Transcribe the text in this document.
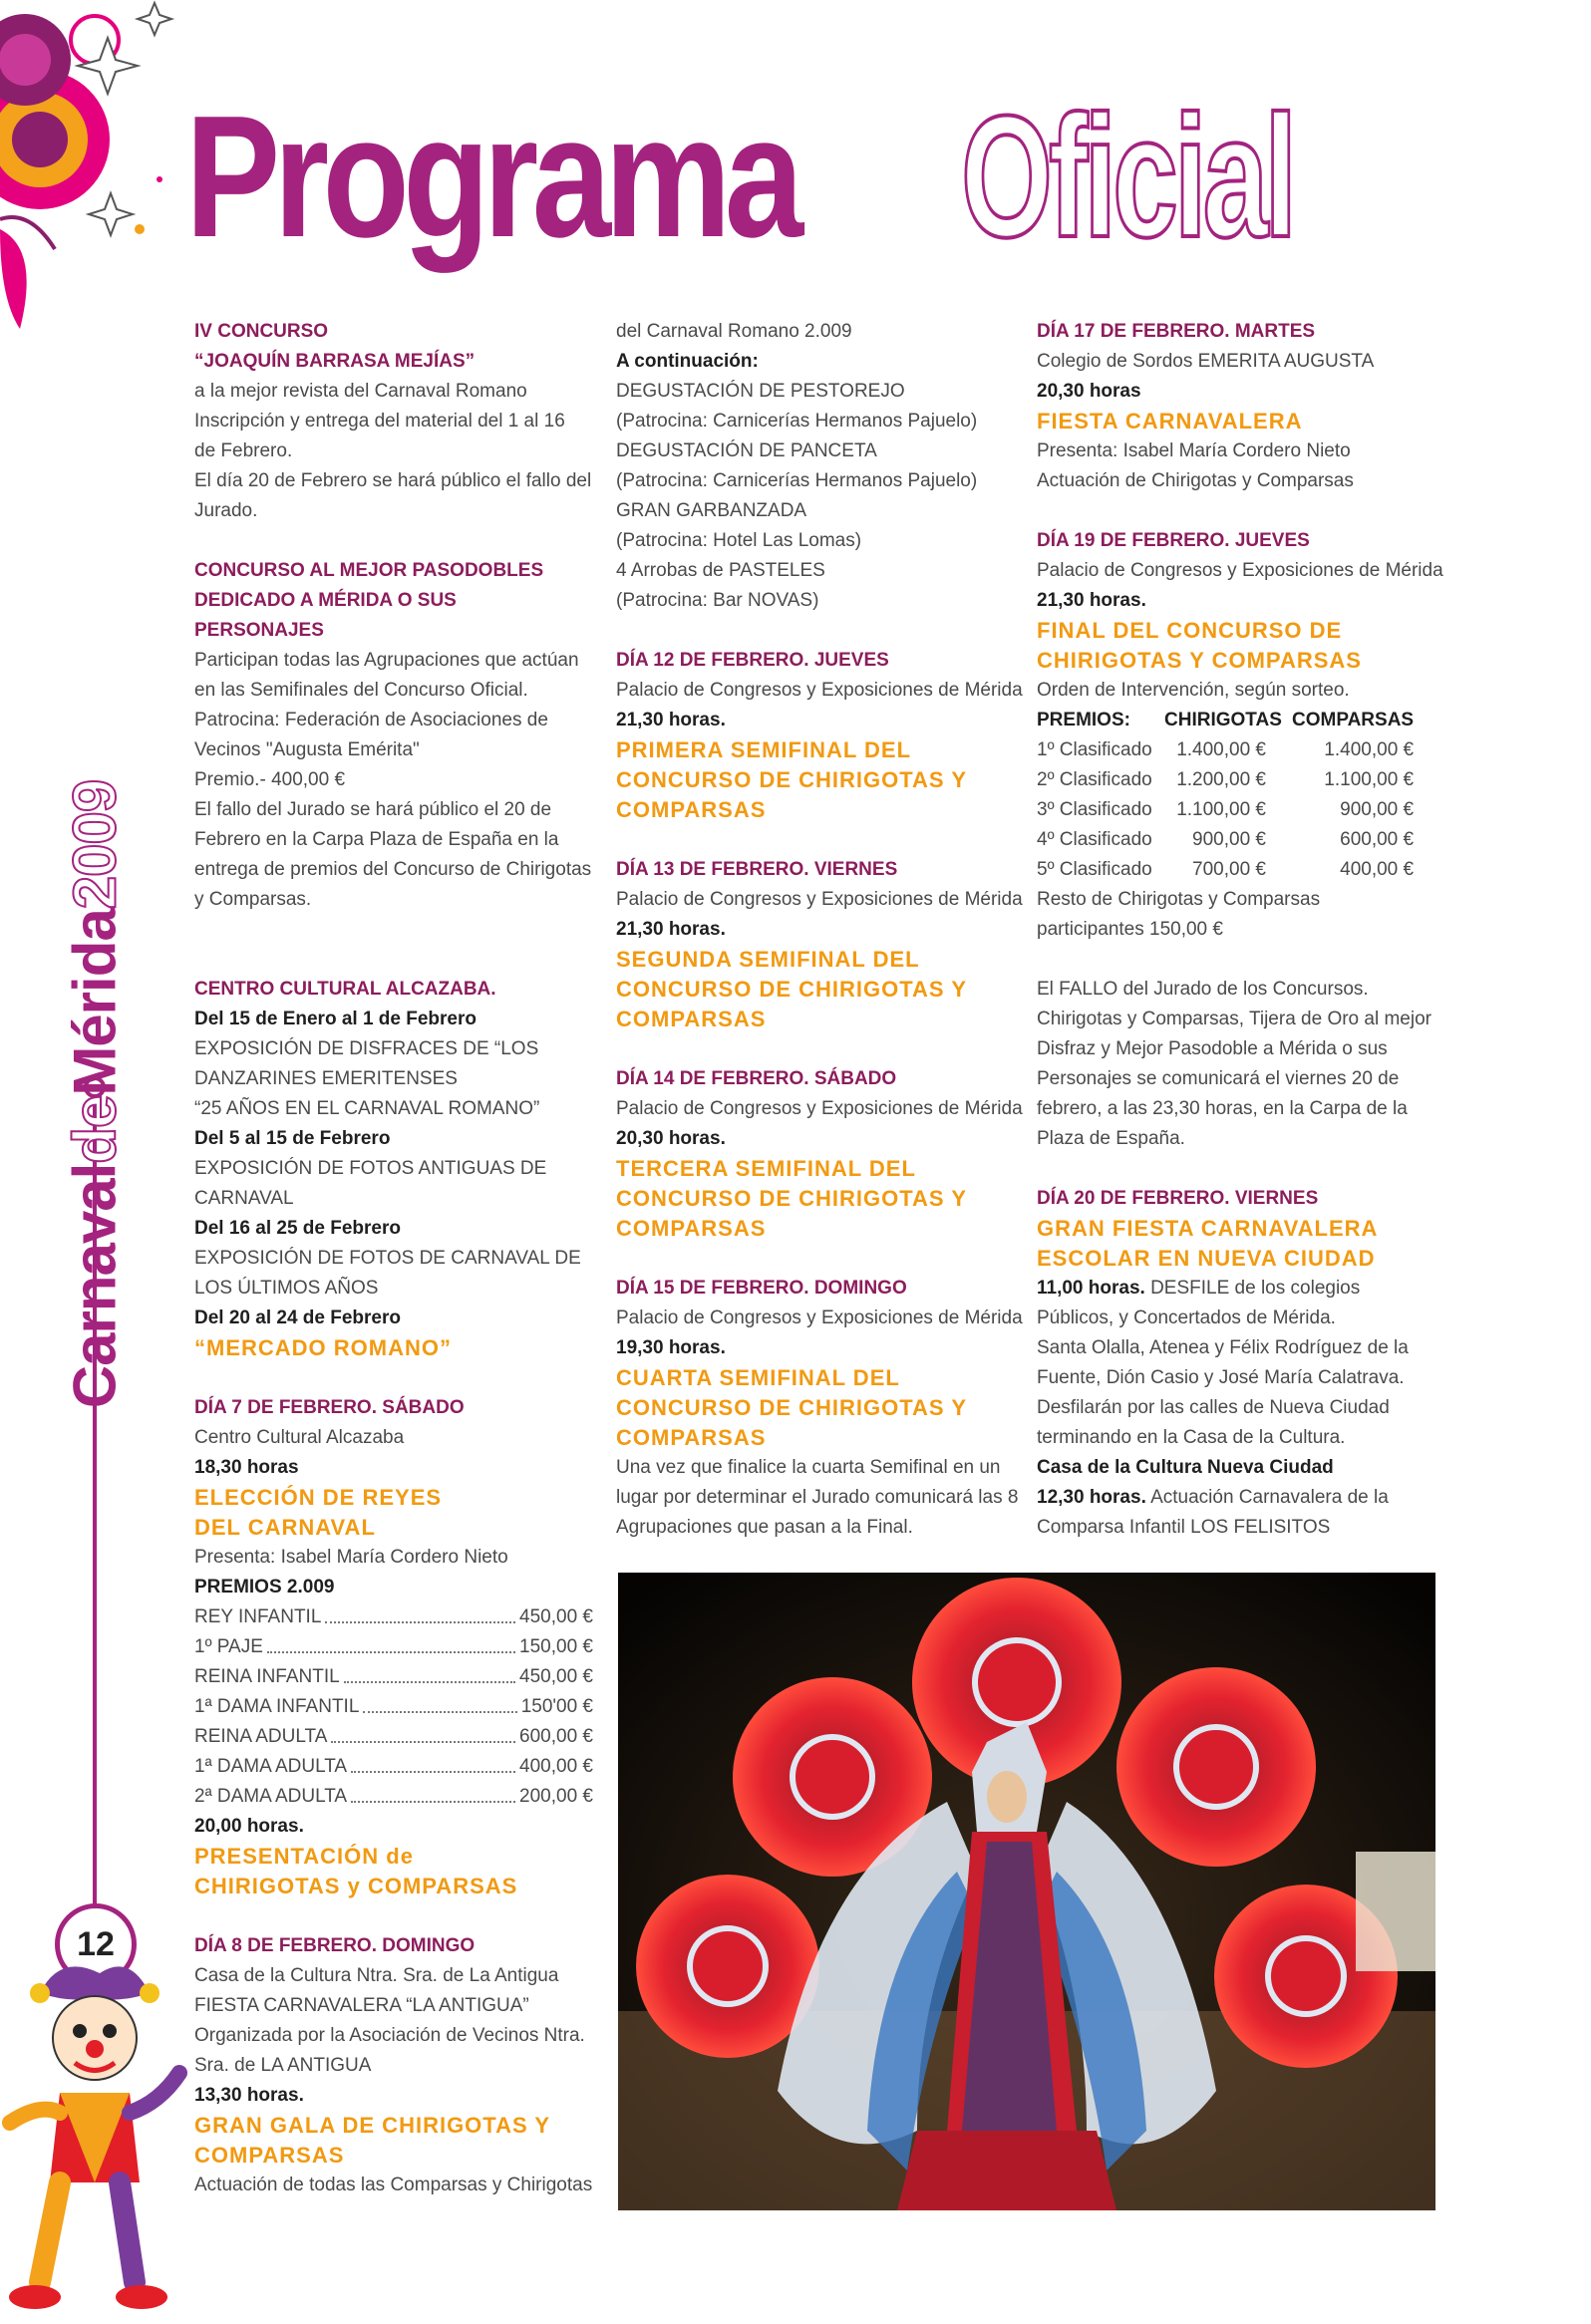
CarnavaldeMérida2009
12
Programa Oficial
IV CONCURSO
“JOAQUÍN BARRASA MEJÍAS”
a la mejor revista del Carnaval Romano
Inscripción y entrega del material del 1 al 16
de Febrero.
El día 20 de Febrero se hará público el fallo del
Jurado.
CONCURSO AL MEJOR PASODOBLES
DEDICADO A MÉRIDA O SUS
PERSONAJES
Participan todas las Agrupaciones que actúan
en las Semifinales del Concurso Oficial.
Patrocina: Federación de Asociaciones de
Vecinos "Augusta Emérita"
Premio.- 400,00 €
El fallo del Jurado se hará público el 20 de
Febrero en la Carpa Plaza de España en la
entrega de premios del Concurso de Chirigotas
y Comparsas.
CENTRO CULTURAL ALCAZABA.
Del 15 de Enero al 1 de Febrero
EXPOSICIÓN DE DISFRACES DE “LOS
DANZARINES EMERITENSES
“25 AÑOS EN EL CARNAVAL ROMANO”
Del 5 al 15 de Febrero
EXPOSICIÓN DE FOTOS ANTIGUAS DE
CARNAVAL
Del 16 al 25 de Febrero
EXPOSICIÓN DE FOTOS DE CARNAVAL DE
LOS ÚLTIMOS AÑOS
Del 20 al 24 de Febrero
“MERCADO ROMANO”
DÍA 7 DE FEBRERO. SÁBADO
Centro Cultural Alcazaba
18,30 horas
ELECCIÓN DE REYES
DEL CARNAVAL
Presenta: Isabel María Cordero Nieto
PREMIOS 2.009
REY INFANTIL	450,00 €
1º PAJE	150,00 €
REINA INFANTIL	450,00 €
1ª DAMA INFANTIL	150'00 €
REINA ADULTA	600,00 €
1ª DAMA ADULTA	400,00 €
2ª DAMA ADULTA	200,00 €
20,00 horas.
PRESENTACIÓN de
CHIRIGOTAS y COMPARSAS
DÍA 8 DE FEBRERO. DOMINGO
Casa de la Cultura Ntra. Sra. de La Antigua
FIESTA CARNAVALERA “LA ANTIGUA”
Organizada por la Asociación de Vecinos Ntra.
Sra. de LA ANTIGUA
13,30 horas.
GRAN GALA DE CHIRIGOTAS Y
COMPARSAS
Actuación de todas las Comparsas y Chirigotas
del Carnaval Romano 2.009
A continuación:
DEGUSTACIÓN DE PESTOREJO
(Patrocina: Carnicerías Hermanos Pajuelo)
DEGUSTACIÓN DE PANCETA
(Patrocina: Carnicerías Hermanos Pajuelo)
GRAN GARBANZADA
(Patrocina: Hotel Las Lomas)
4 Arrobas de PASTELES
(Patrocina: Bar NOVAS)
DÍA 12 DE FEBRERO. JUEVES
Palacio de Congresos y Exposiciones de Mérida
21,30 horas.
PRIMERA SEMIFINAL DEL
CONCURSO DE CHIRIGOTAS Y
COMPARSAS
DÍA 13 DE FEBRERO. VIERNES
Palacio de Congresos y Exposiciones de Mérida
21,30 horas.
SEGUNDA SEMIFINAL DEL
CONCURSO DE CHIRIGOTAS Y
COMPARSAS
DÍA 14 DE FEBRERO. SÁBADO
Palacio de Congresos y Exposiciones de Mérida
20,30 horas.
TERCERA SEMIFINAL DEL
CONCURSO DE CHIRIGOTAS Y
COMPARSAS
DÍA 15 DE FEBRERO. DOMINGO
Palacio de Congresos y Exposiciones de Mérida
19,30 horas.
CUARTA SEMIFINAL DEL
CONCURSO DE CHIRIGOTAS Y
COMPARSAS
Una vez que finalice la cuarta Semifinal en un
lugar por determinar el Jurado comunicará las 8
Agrupaciones que pasan a la Final.
DÍA 17 DE FEBRERO. MARTES
Colegio de Sordos EMERITA AUGUSTA
20,30 horas
FIESTA CARNAVALERA
Presenta: Isabel María Cordero Nieto
Actuación de Chirigotas y Comparsas
DÍA 19 DE FEBRERO. JUEVES
Palacio de Congresos y Exposiciones de Mérida
21,30 horas.
FINAL DEL CONCURSO DE
CHIRIGOTAS Y COMPARSAS
Orden de Intervención, según sorteo.
PREMIOS:	CHIRIGOTAS	COMPARSAS
1º Clasificado	1.400,00 €	1.400,00 €
2º Clasificado	1.200,00 €	1.100,00 €
3º Clasificado	1.100,00 €	900,00 €
4º Clasificado	900,00 €	600,00 €
5º Clasificado	700,00 €	400,00 €
Resto de Chirigotas y Comparsas
participantes 150,00 €
El FALLO del Jurado de los Concursos.
Chirigotas y Comparsas, Tijera de Oro al mejor
Disfraz y Mejor Pasodoble a Mérida o sus
Personajes se comunicará el viernes 20 de
febrero, a las 23,30 horas, en la Carpa de la
Plaza de España.
DÍA 20 DE FEBRERO. VIERNES
GRAN FIESTA CARNAVALERA
ESCOLAR EN NUEVA CIUDAD
11,00 horas. DESFILE de los colegios
Públicos, y Concertados de Mérida.
Santa Olalla, Atenea y Félix Rodríguez de la
Fuente, Dión Casio y José María Calatrava.
Desfilarán por las calles de Nueva Ciudad
terminando en la Casa de la Cultura.
Casa de la Cultura Nueva Ciudad
12,30 horas. Actuación Carnavalera de la
Comparsa Infantil LOS FELISITOS
